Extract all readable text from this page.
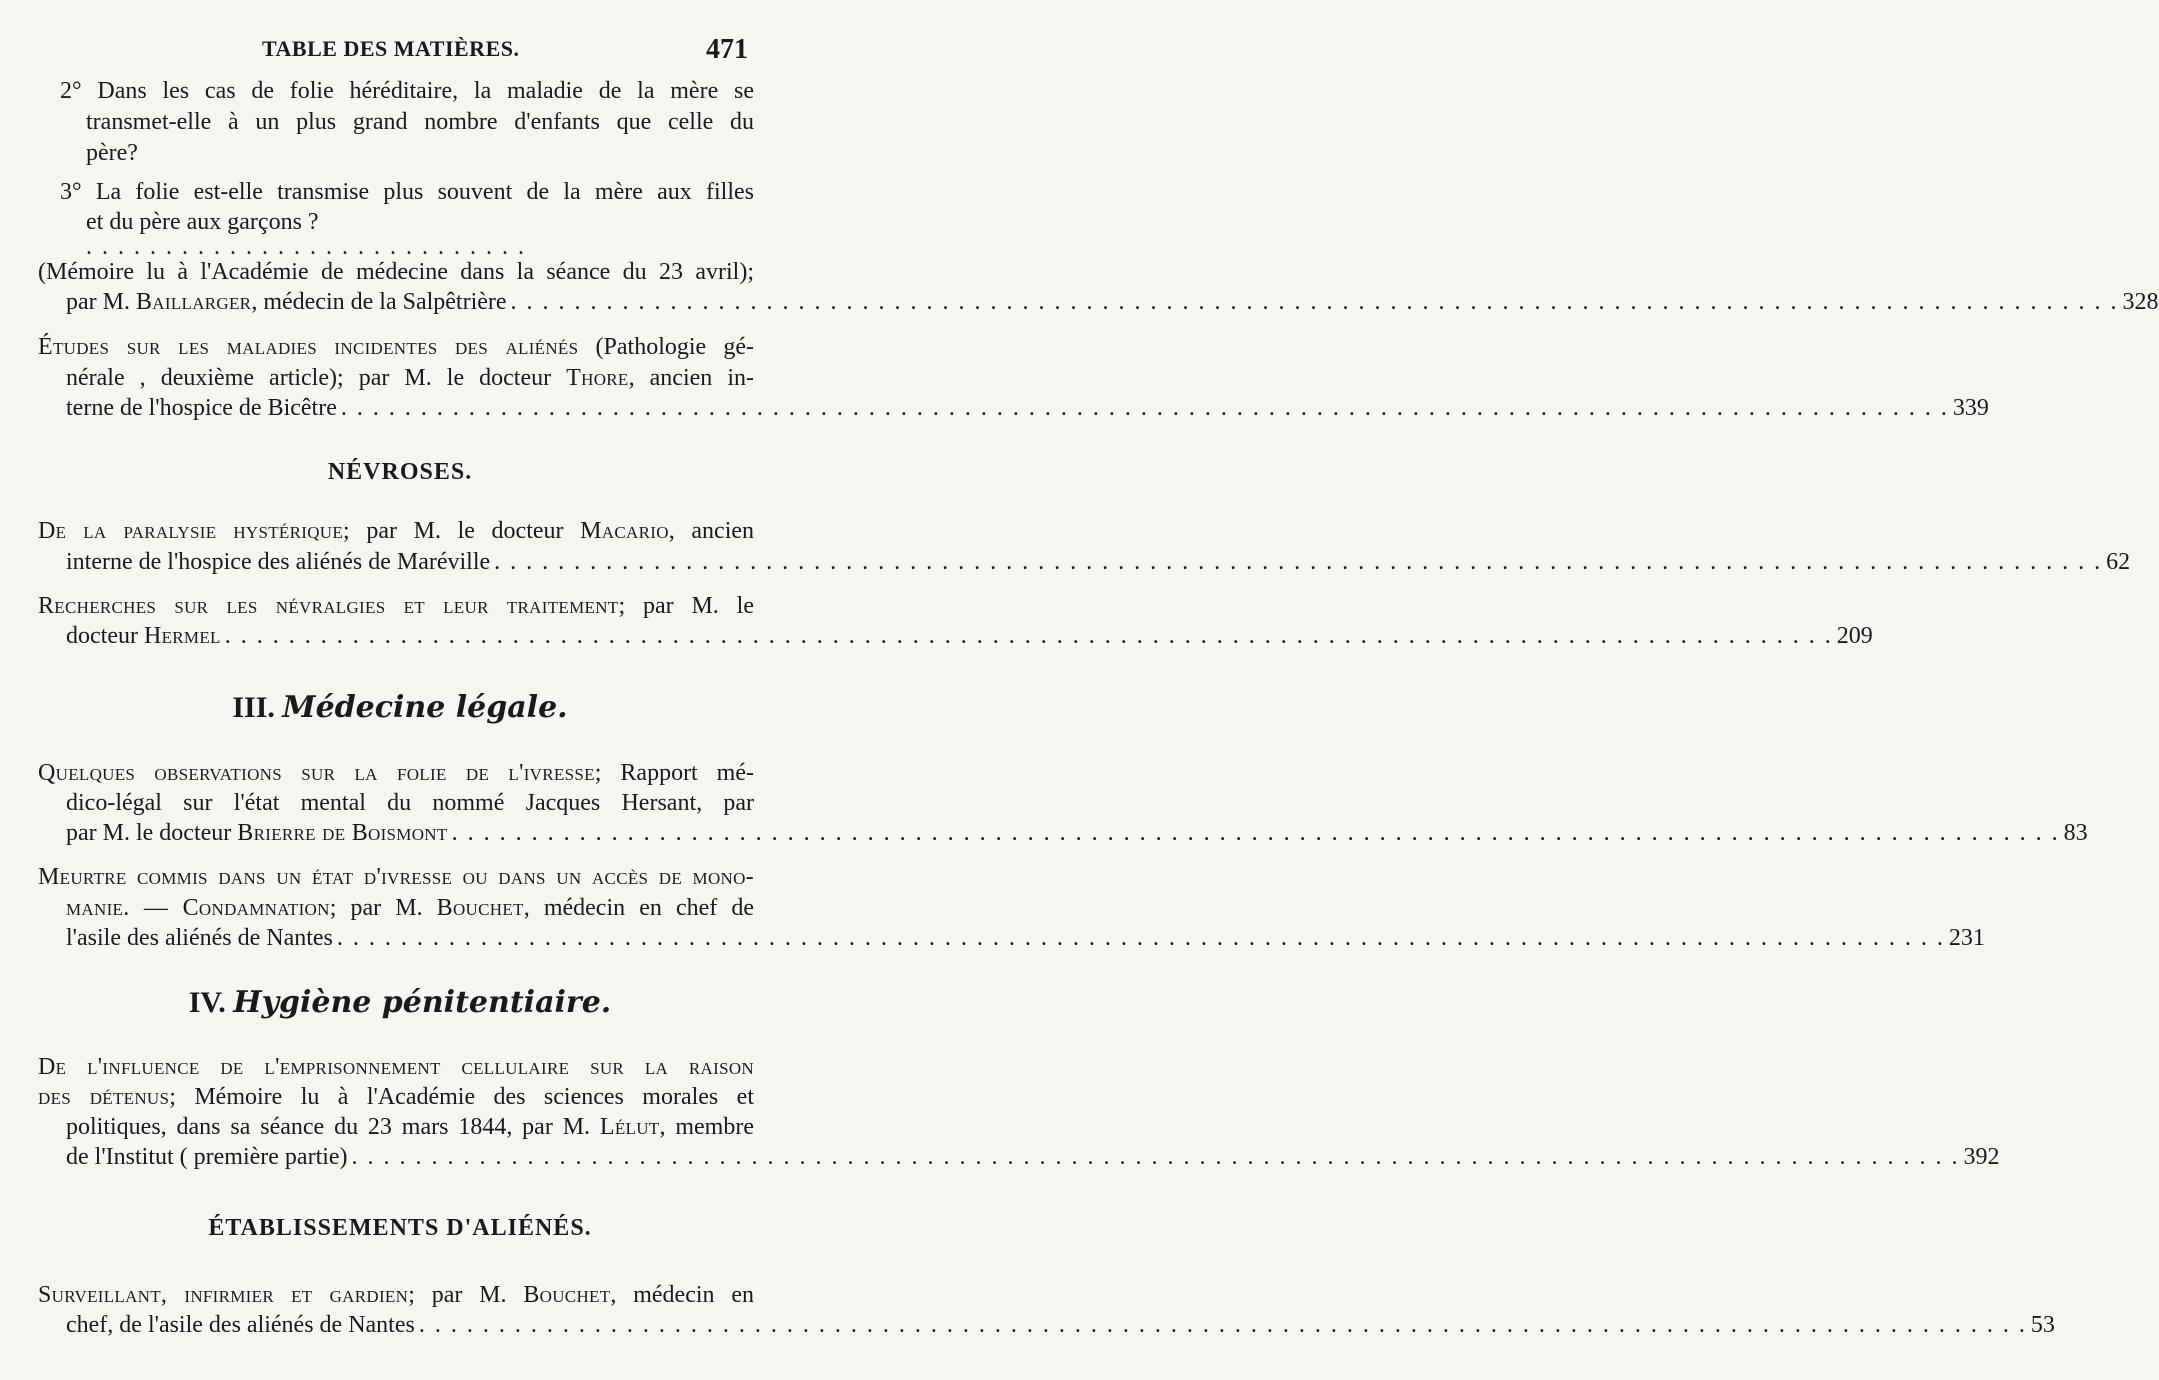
TABLE DES MATIÈRES.	471
2° Dans les cas de folie héréditaire, la maladie de la mère se
transmet-elle à un plus grand nombre d'enfants que celle du
père?
3° La folie est-elle transmise plus souvent de la mère aux filles
et du père aux garçons ?
. . . . . . . . . . . . . . . . . . . . . . . . . . . .
(Mémoire lu à l'Académie de médecine dans la séance du 23 avril);
par M. Baillarger, médecin de la Salpêtrière . . .	328
Études sur les maladies incidentes des aliénés (Pathologie gé-
nérale , deuxième article); par M. le docteur Thore, ancien in-
terne de l'hospice de Bicêtre . . .	339
NÉVROSES.
De la paralysie hystérique; par M. le docteur Macario, ancien
interne de l'hospice des aliénés de Maréville . . .	62
Recherches sur les névralgies et leur traitement; par M. le
docteur Hermel . . .	209
III. Médecine légale.
Quelques observations sur la folie de l'ivresse; Rapport mé-
dico-légal sur l'état mental du nommé Jacques Hersant, par
par M. le docteur Brierre de Boismont . . .	83
Meurtre commis dans un état d'ivresse ou dans un accès de mono-
manie. — Condamnation; par M. Bouchet, médecin en chef de
l'asile des aliénés de Nantes . . .	231
IV. Hygiène pénitentiaire.
De l'influence de l'emprisonnement cellulaire sur la raison
des détenus; Mémoire lu à l'Académie des sciences morales et
politiques, dans sa séance du 23 mars 1844, par M. Lélut, membre
de l'Institut ( première partie) . . .	392
ÉTABLISSEMENTS D'ALIÉNÉS.
Surveillant, infirmier et gardien; par M. Bouchet, médecin en
chef, de l'asile des aliénés de Nantes . . .	53
